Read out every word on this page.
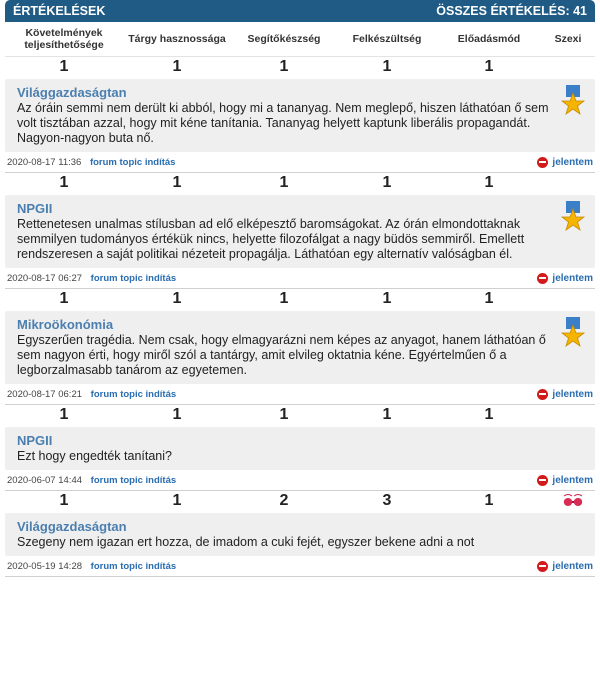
ÉRTÉKELÉSEK	ÖSSZES ÉRTÉKELÉS: 41
Követelmények teljesíthetősége	Tárgy hasznossága	Segítőkészség	Felkészültség	Előadásmód	Szexi
1	1	1	1	1
Világgazdaságtan
Az óráin semmi nem derült ki abból, hogy mi a tananyag. Nem meglepő, hiszen láthatóan ő sem volt tisztában azzal, hogy mit kéne tanítania. Tananyag helyett kaptunk liberális propagandát. Nagyon-nagyon buta nő.
2020-08-17 11:36 forum topic indítás	jelentem
1	1	1	1	1
NPGII
Rettenetesen unalmas stílusban ad elő elképesztő baromságokat. Az órán elmondottaknak semmilyen tudományos értékük nincs, helyette filozofálgat a nagy büdös semmiről. Emellett rendszeresen a saját politikai nézeteit propagálja. Láthatóan egy alternatív valóságban él.
2020-08-17 06:27 forum topic indítás	jelentem
1	1	1	1	1
Mikroökonómia
Egyszerűen tragédia. Nem csak, hogy elmagyarázni nem képes az anyagot, hanem láthatóan ő sem nagyon érti, hogy miről szól a tantárgy, amit elvileg oktatnia kéne. Egyértelműen ő a legborzalmasabb tanárom az egyetemen.
2020-08-17 06:21 forum topic indítás	jelentem
1	1	1	1	1
NPGII
Ezt hogy engedték tanítani?
2020-06-07 14:44 forum topic indítás	jelentem
1	1	2	3	1
Világgazdaságtan
Szegeny nem igazan ert hozza, de imadom a cuki fejét, egyszer bekene adni a not
2020-05-19 14:28 forum topic indítás	jelentem
